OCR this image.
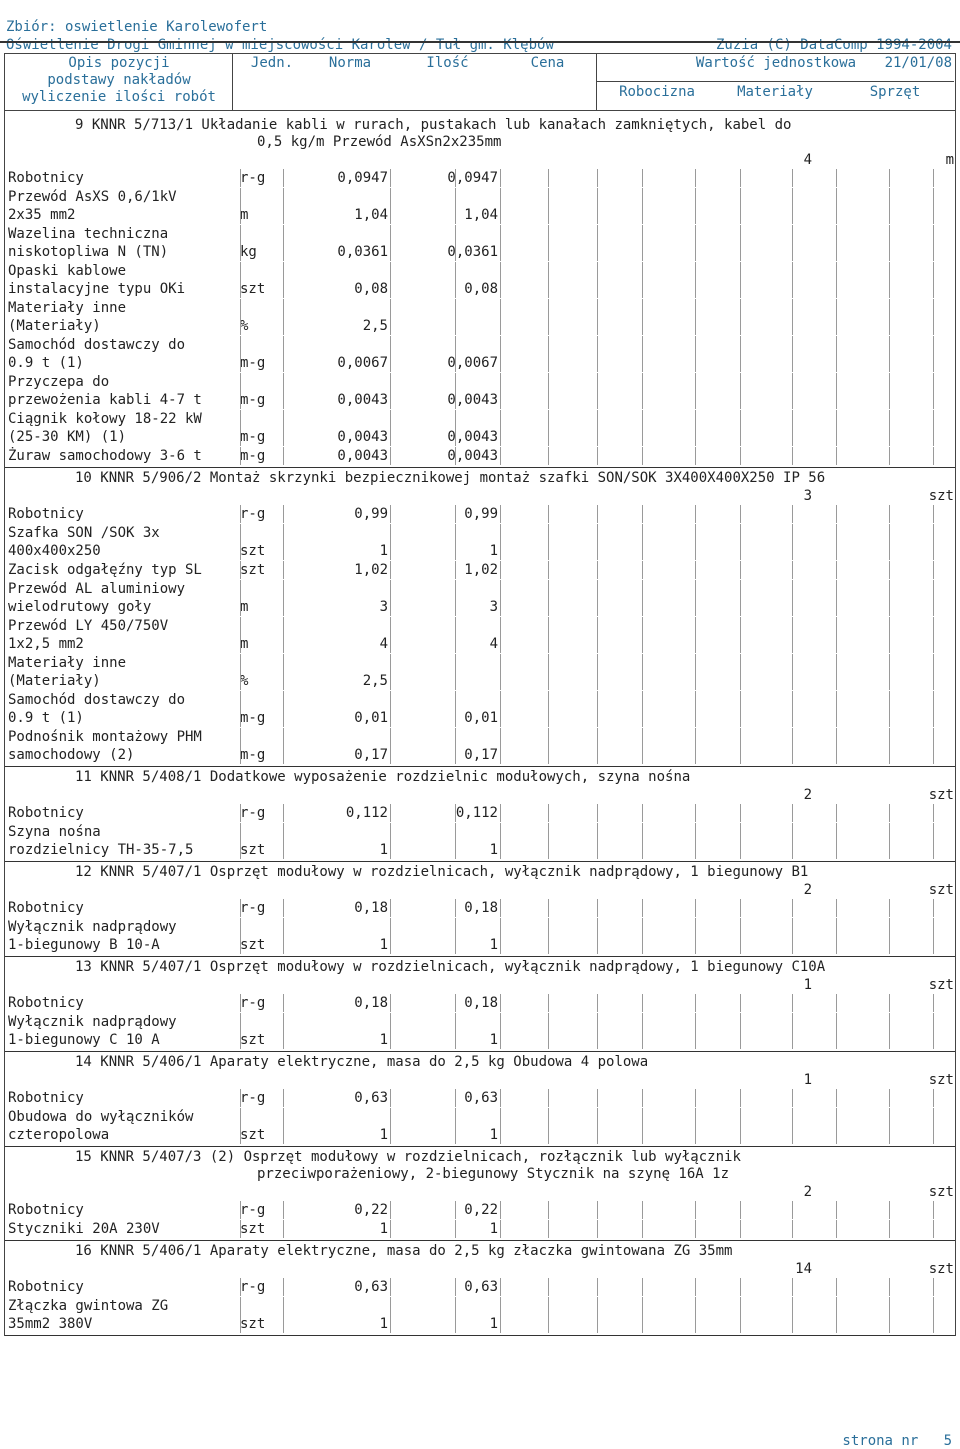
Zbiór: oswietlenie Karolewofert

Zuzia (C) DataComp 1994-2004

Oświetlenie Drogi Gminnej w miejscowości Karolew / Tuł gm. Klębów

21/01/08

Opis pozycji
podstawy nakładów
wyliczenie ilości robót
Jedn.	Norma	Ilość	Cena	Wartość jednostkowa
Robocizna	Materiały	Sprzęt
9 KNNR 5/713/1 Układanie kabli w rurach, pustakach lub kanałach zamkniętych, kabel do
0,5 kg/m Przewód AsXSn2x235mm
4	m
Robotnicy	r-g	0,0947	0,0947
Przewód AsXS 0,6/1kV
2x35 mm2	m	1,04	1,04
Wazelina techniczna
niskotopliwa N (TN)	kg	0,0361	0,0361
Opaski kablowe
instalacyjne typu OKi	szt	0,08	0,08
Materiały inne
(Materiały)	%	2,5
Samochód dostawczy do
0.9 t (1)	m-g	0,0067	0,0067
Przyczepa do
przewożenia kabli 4-7 t	m-g	0,0043	0,0043
Ciągnik kołowy 18-22 kW
(25-30 KM) (1)	m-g	0,0043	0,0043
Żuraw samochodowy 3-6 t	m-g	0,0043	0,0043
10 KNNR 5/906/2 Montaż skrzynki bezpiecznikowej montaż szafki SON/SOK 3X400X400X250 IP 56
3	szt
Robotnicy	r-g	0,99	0,99
Szafka SON /SOK 3x
400x400x250	szt	1	1
Zacisk odgałęźny typ SL	szt	1,02	1,02
Przewód AL aluminiowy
wielodrutowy goły	m	3	3
Przewód LY 450/750V
1x2,5 mm2	m	4	4
Materiały inne
(Materiały)	%	2,5
Samochód dostawczy do
0.9 t (1)	m-g	0,01	0,01
Podnośnik montażowy PHM
samochodowy (2)	m-g	0,17	0,17
11 KNNR 5/408/1 Dodatkowe wyposażenie rozdzielnic modułowych, szyna nośna
2	szt
Robotnicy	r-g	0,112	0,112
Szyna nośna
rozdzielnicy TH-35-7,5	szt	1	1
12 KNNR 5/407/1 Osprzęt modułowy w rozdzielnicach, wyłącznik nadprądowy, 1 biegunowy B1
2	szt
Robotnicy	r-g	0,18	0,18
Wyłącznik nadprądowy
1-biegunowy B 10-A	szt	1	1
13 KNNR 5/407/1 Osprzęt modułowy w rozdzielnicach, wyłącznik nadprądowy, 1 biegunowy C10A
1	szt
Robotnicy	r-g	0,18	0,18
Wyłącznik nadprądowy
1-biegunowy C 10 A	szt	1	1
14 KNNR 5/406/1 Aparaty elektryczne, masa do 2,5 kg Obudowa 4 polowa
1	szt
Robotnicy	r-g	0,63	0,63
Obudowa do wyłączników
czteropolowa	szt	1	1
15 KNNR 5/407/3 (2) Osprzęt modułowy w rozdzielnicach, rozłącznik lub wyłącznik
przeciwporażeniowy, 2-biegunowy Stycznik na szynę 16A 1z
2	szt
Robotnicy	r-g	0,22	0,22
Styczniki 20A 230V	szt	1	1
16 KNNR 5/406/1 Aparaty elektryczne, masa do 2,5 kg złaczka gwintowana ZG 35mm
14	szt
Robotnicy	r-g	0,63	0,63
Złączka gwintowa ZG
35mm2 380V	szt	1	1
strona nr 5
